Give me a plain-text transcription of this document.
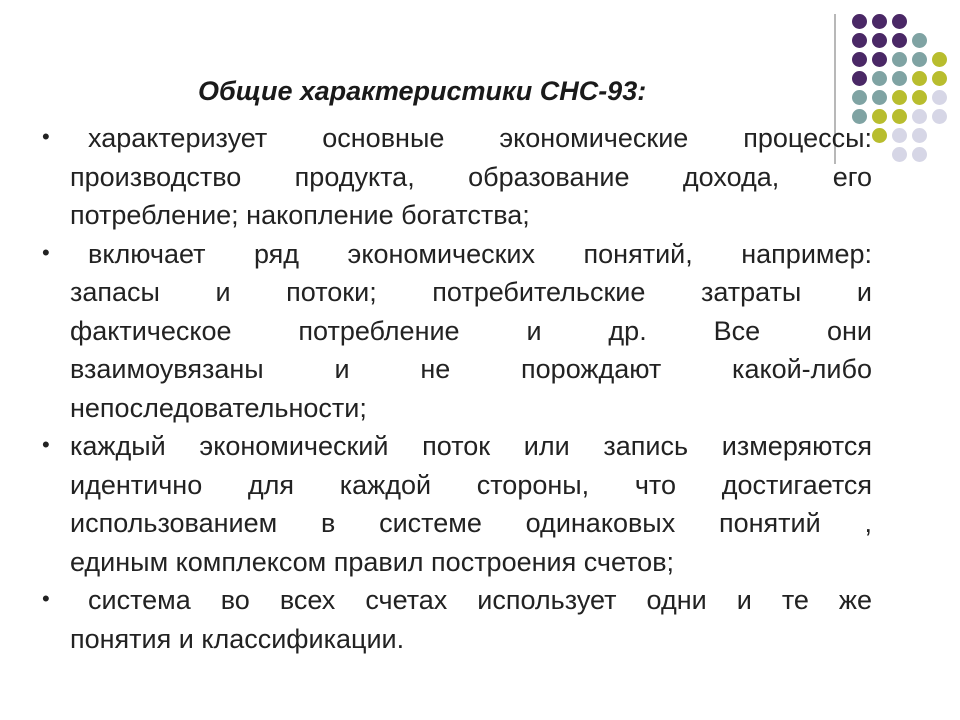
Общие характеристики СНС-93:
•	характеризует основные экономические процессы:
производство продукта, образование дохода, его
потребление; накопление богатства;
•	включает ряд экономических понятий, например:
запасы и потоки; потребительские затраты и
фактическое потребление и др. Все они
взаимоувязаны и не порождают какой-либо
непоследовательности;
• каждый экономический поток или запись измеряются
идентично для каждой стороны, что достигается
использованием в системе одинаковых понятий ,
единым комплексом правил построения счетов;
•	система во всех счетах использует одни и те же
понятия и классификации.
